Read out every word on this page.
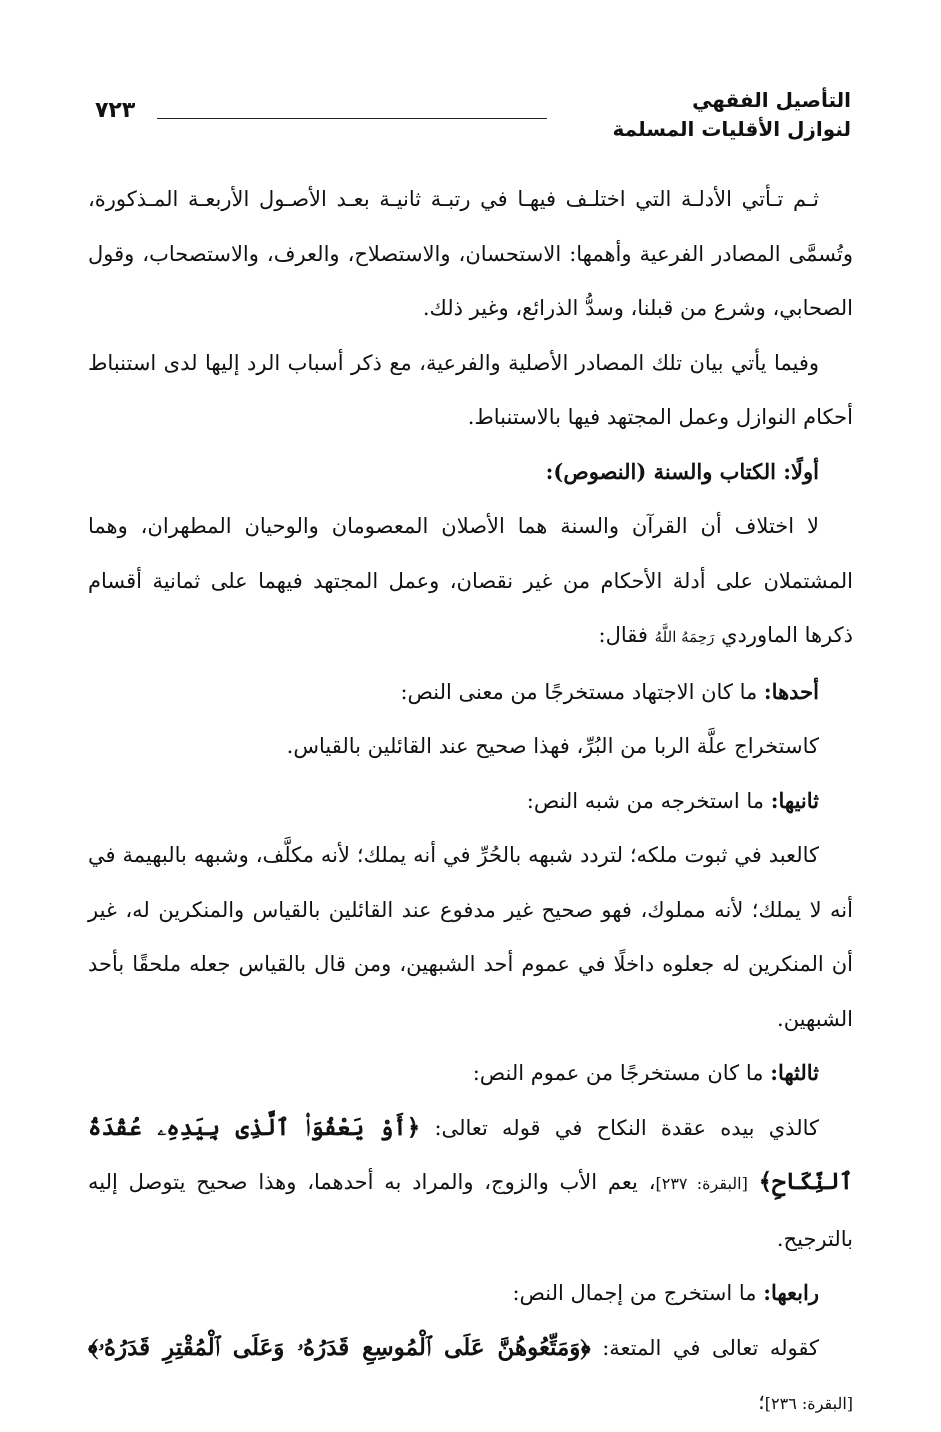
٧٢٣	التأصيل الفقهي
لنوازل الأقليات المسلمة

ثـم تـأتي الأدلـة التي اختلـف فيهـا في رتبـة ثانيـة بعـد الأصـول الأربعـة المـذكورة، وتُسمَّى المصادر الفرعية وأهمها: الاستحسان، والاستصلاح، والعرف، والاستصحاب، وقول الصحابي، وشرع من قبلنا، وسدُّ الذرائع، وغير ذلك.

وفيما يأتي بيان تلك المصادر الأصلية والفرعية، مع ذكر أسباب الرد إليها لدى استنباط أحكام النوازل وعمل المجتهد فيها بالاستنباط.

أولًا: الكتاب والسنة (النصوص):

لا اختلاف أن القرآن والسنة هما الأصلان المعصومان والوحيان المطهران، وهما المشتملان على أدلة الأحكام من غير نقصان، وعمل المجتهد فيهما على ثمانية أقسام ذكرها الماوردي رَحِمَهُ اللَّهُ فقال:

أحدها: ما كان الاجتهاد مستخرجًا من معنى النص:

كاستخراج علَّة الربا من البُرِّ، فهذا صحيح عند القائلين بالقياس.

ثانيها: ما استخرجه من شبه النص:

كالعبد في ثبوت ملكه؛ لتردد شبهه بالحُرِّ في أنه يملك؛ لأنه مكلَّف، وشبهه بالبهيمة في أنه لا يملك؛ لأنه مملوك، فهو صحيح غير مدفوع عند القائلين بالقياس والمنكرين له، غير أن المنكرين له جعلوه داخلًا في عموم أحد الشبهين، ومن قال بالقياس جعله ملحقًا بأحد الشبهين.

ثالثها: ما كان مستخرجًا من عموم النص:

كالذي بيده عقدة النكاح في قوله تعالى: ﴿أَوْ يَعْفُوَا۟ ٱلَّذِى بِيَدِهِۦ عُقْدَةُ ٱلنِّكَاحِ﴾ [البقرة: ٢٣٧]، يعم الأب والزوج، والمراد به أحدهما، وهذا صحيح يتوصل إليه بالترجيح.

رابعها: ما استخرج من إجمال النص:

كقوله تعالى في المتعة: ﴿وَمَتِّعُوهُنَّ عَلَى ٱلْمُوسِعِ قَدَرُهُۥ وَعَلَى ٱلْمُقْتِرِ قَدَرُهُۥ﴾[البقرة: ٢٣٦]؛
